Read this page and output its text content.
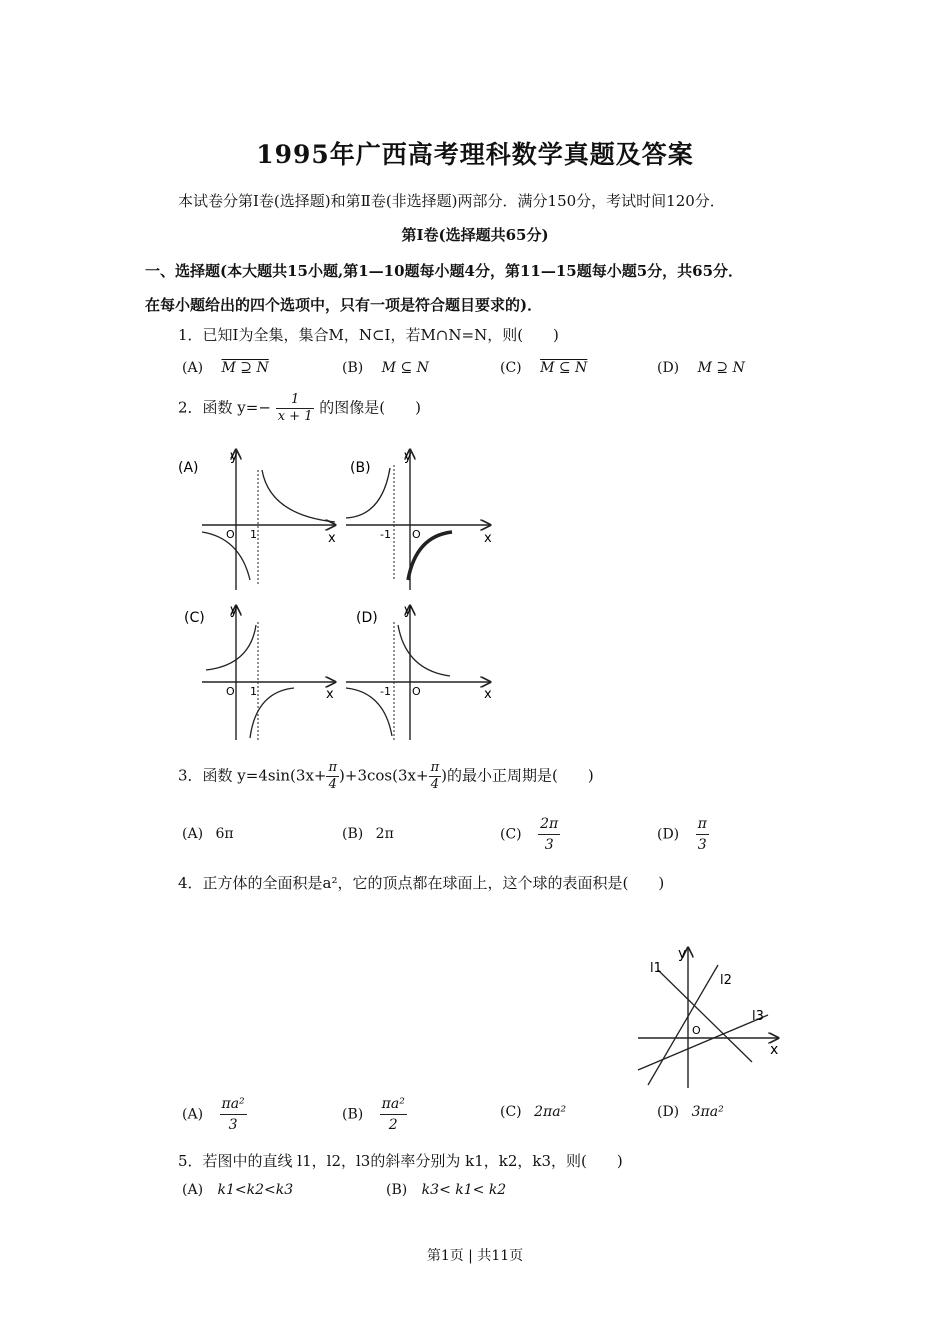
1995年广西高考理科数学真题及答案
本试卷分第Ⅰ卷(选择题)和第Ⅱ卷(非选择题)两部分．满分150分，考试时间120分．
第Ⅰ卷(选择题共65分)
一、选择题(本大题共15小题,第1—10题每小题4分，第11—15题每小题5分，共65分．
在每小题给出的四个选项中，只有一项是符合题目要求的)．
1．已知I为全集，集合M，N⊂I，若M∩N=N，则(　　)
(A) M ⊇ N	(B) M ⊆ N	(C) M ⊆ N	(D) M ⊇ N
2．函数 $y=- \frac{1}{x + 1}$ 的图像是(　　)
(A)
y
x
O 1
(B)
y
x
-1 O
(C) y
x
O 1
(D) y
x
-1 O
3．函数 $y=4\sin(3x+ \frac{\pi}{4} )+3\cos(3x+ \frac{\pi}{4}$ )的最小正周期是(　　)
(A) 6π	(B) 2π	$(C) \frac{2\pi}{3}$	$(D) \frac{\pi}{3}$
4．正方体的全面积是a²，它的顶点都在球面上，这个球的表面积是(　　)
y
x
O
l1
l2
l3
$(A) \frac{\text{πa²}}{3}$	$(B) \frac{\text{πa²}}{2}$	(C) 2πa²	(D) 3πa²
5．若图中的直线 l1，l2，l3的斜率分别为 k1，k2，k3，则(　　)
(A) k1<k2<k3	(B) k3< k1< k2
第1页 | 共11页
